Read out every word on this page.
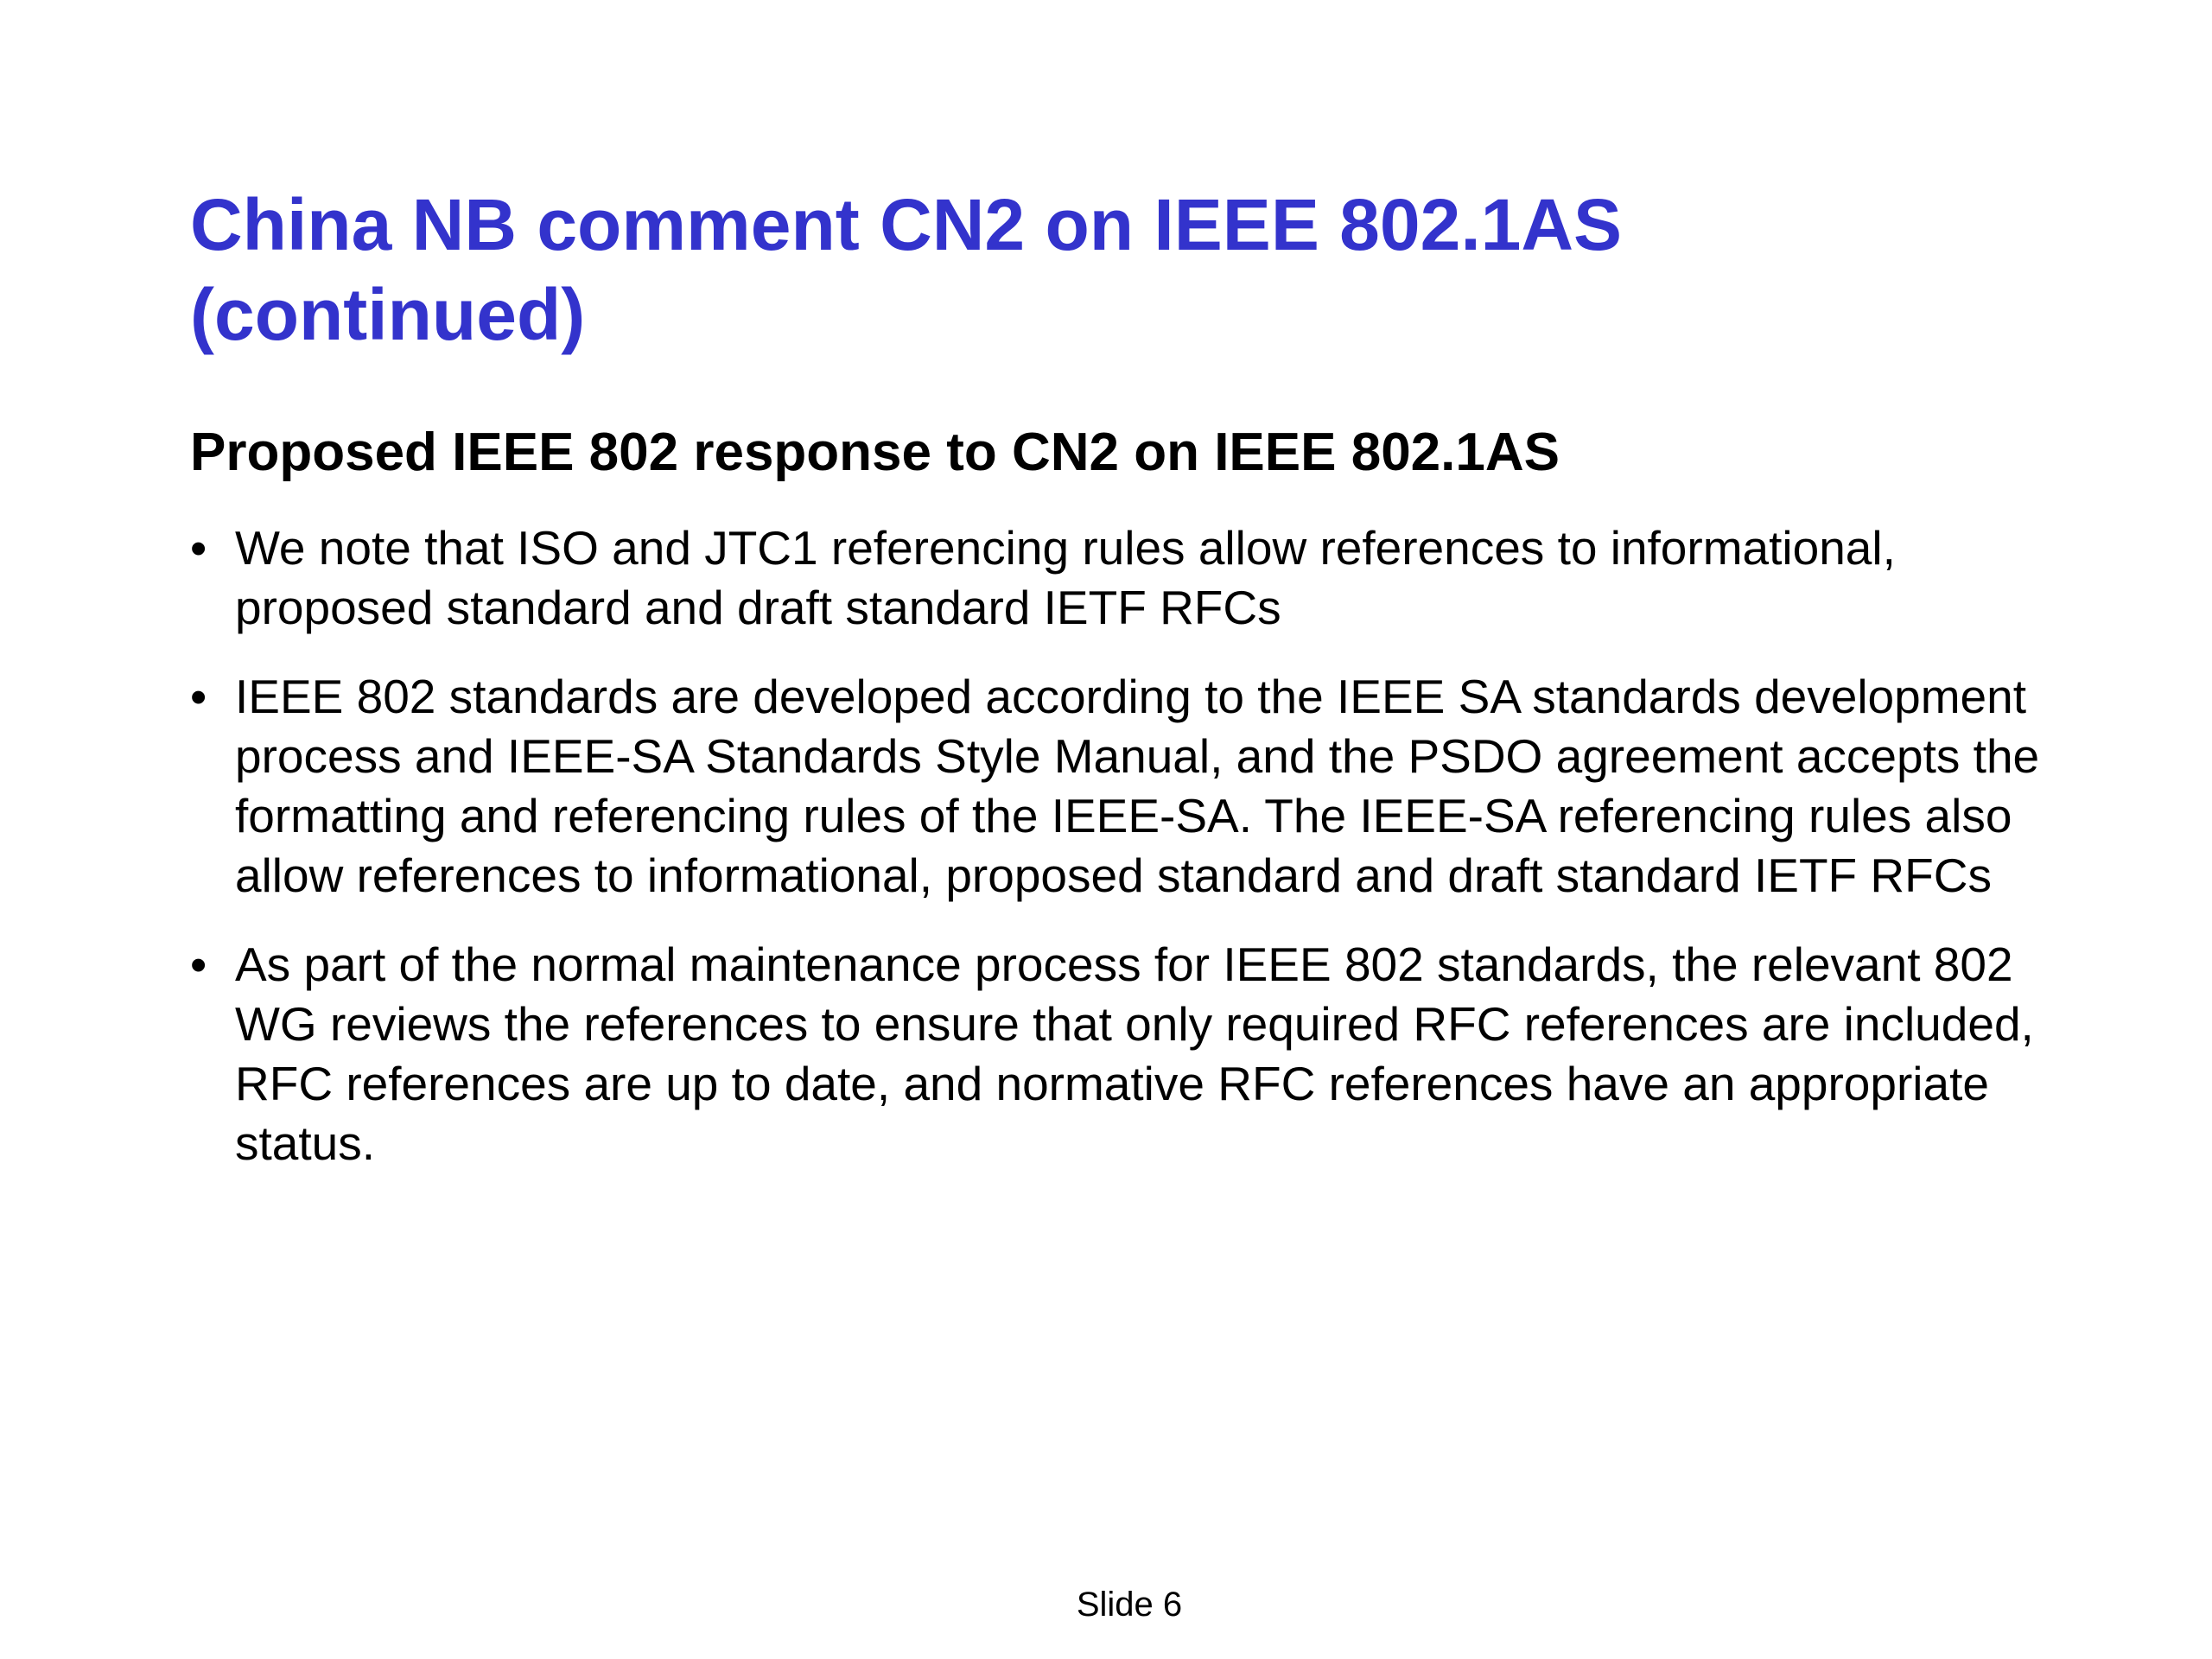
China NB comment CN2 on IEEE 802.1AS
(continued)
Proposed IEEE 802 response to CN2 on IEEE 802.1AS
• We note that ISO and JTC1 referencing rules allow references to informational, proposed standard and draft standard IETF RFCs
• IEEE 802 standards are developed according to the IEEE SA standards development process and IEEE-SA Standards Style Manual, and the PSDO agreement accepts the formatting and referencing rules of the IEEE-SA. The IEEE-SA referencing rules also allow references to informational, proposed standard and draft standard IETF RFCs
• As part of the normal maintenance process for IEEE 802 standards, the relevant 802 WG reviews the references to ensure that only required RFC references are included, RFC references are up to date, and normative RFC references have an appropriate status.
Slide 6
